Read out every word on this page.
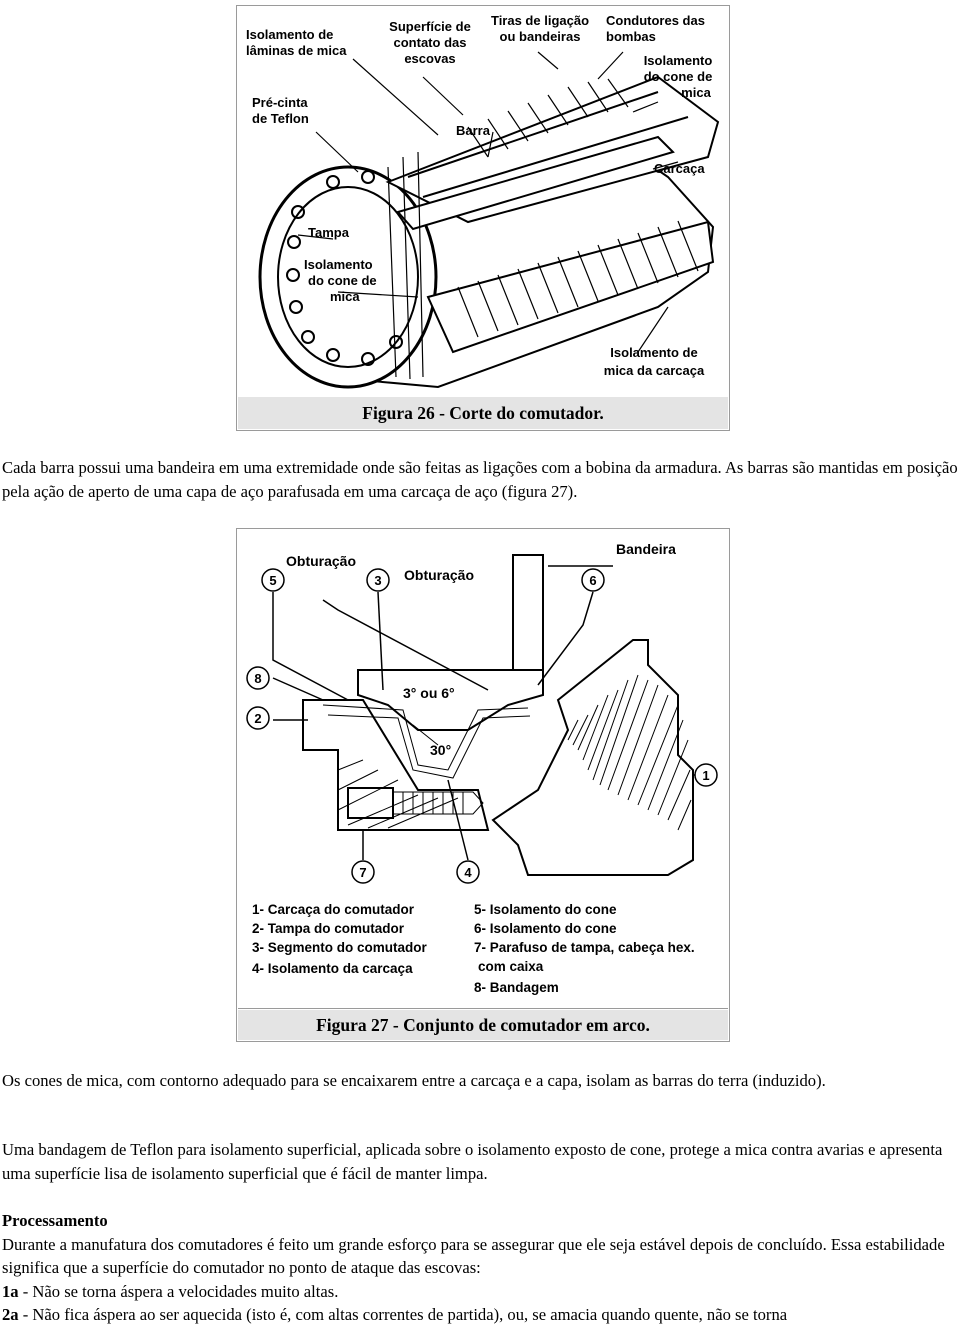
Isolamento de lâminas de mica
Superfície de contato das escovas
Tiras de ligação ou bandeiras
Condutores das bombas
Isolamento do cone de mica
Pré-cinta de Teflon
Barra
Carcaça
Tampa
Isolamento do cone de mica
Isolamento de mica da carcaça
Figura 26 - Corte do comutador.

Cada barra possui uma bandeira em uma extremidade onde são feitas as ligações com a bobina da armadura. As barras são mantidas em posição pela ação de aperto de uma capa de aço parafusada em uma carcaça de aço (figura 27).

5	3	6
8
2
1
7	4
Obturação
Obturação
Bandeira
3° ou 6°
30°
1- Carcaça do comutador
2- Tampa do comutador
3- Segmento do comutador
4- Isolamento da carcaça
5- Isolamento do cone
6- Isolamento do cone
7- Parafuso de tampa, cabeça hex.
com caixa
8- Bandagem
Figura 27 - Conjunto de comutador em arco.

Os cones de mica, com contorno adequado para se encaixarem entre a carcaça e a capa, isolam as barras do terra (induzido).

Uma bandagem de Teflon para isolamento superficial, aplicada sobre o isolamento exposto de cone, protege a mica contra avarias e apresenta uma superfície lisa de isolamento superficial que é fácil de manter limpa.

Processamento
Durante a manufatura dos comutadores é feito um grande esforço para se assegurar que ele seja estável depois de concluído. Essa estabilidade significa que a superfície do comutador no ponto de ataque das escovas:
1a - Não se torna áspera a velocidades muito altas.
2a - Não fica áspera ao ser aquecida (isto é, com altas correntes de partida), ou, se amacia quando quente, não se torna
